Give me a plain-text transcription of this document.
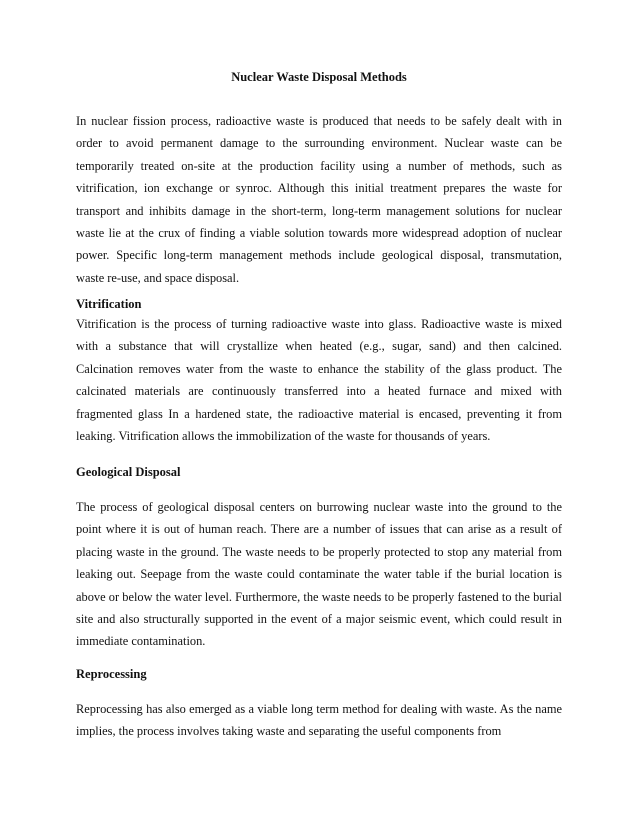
Nuclear Waste Disposal Methods

In nuclear fission process, radioactive waste is produced that needs to be safely dealt with in order to avoid permanent damage to the surrounding environment. Nuclear waste can be temporarily treated on-site at the production facility using a number of methods, such as vitrification, ion exchange or synroc. Although this initial treatment prepares the waste for transport and inhibits damage in the short-term, long-term management solutions for nuclear waste lie at the crux of finding a viable solution towards more widespread adoption of nuclear power. Specific long-term management methods include geological disposal, transmutation, waste re-use, and space disposal.

Vitrification

Vitrification is the process of turning radioactive waste into glass. Radioactive waste is mixed with a substance that will crystallize when heated (e.g., sugar, sand) and then calcined. Calcination removes water from the waste to enhance the stability of the glass product. The calcinated materials are continuously transferred into a heated furnace and mixed with fragmented glass In a hardened state, the radioactive material is encased, preventing it from leaking. Vitrification allows the immobilization of the waste for thousands of years.

Geological Disposal

The process of geological disposal centers on burrowing nuclear waste into the ground to the point where it is out of human reach. There are a number of issues that can arise as a result of placing waste in the ground. The waste needs to be properly protected to stop any material from leaking out. Seepage from the waste could contaminate the water table if the burial location is above or below the water level. Furthermore, the waste needs to be properly fastened to the burial site and also structurally supported in the event of a major seismic event, which could result in immediate contamination.

Reprocessing

Reprocessing has also emerged as a viable long term method for dealing with waste. As the name implies, the process involves taking waste and separating the useful components from
